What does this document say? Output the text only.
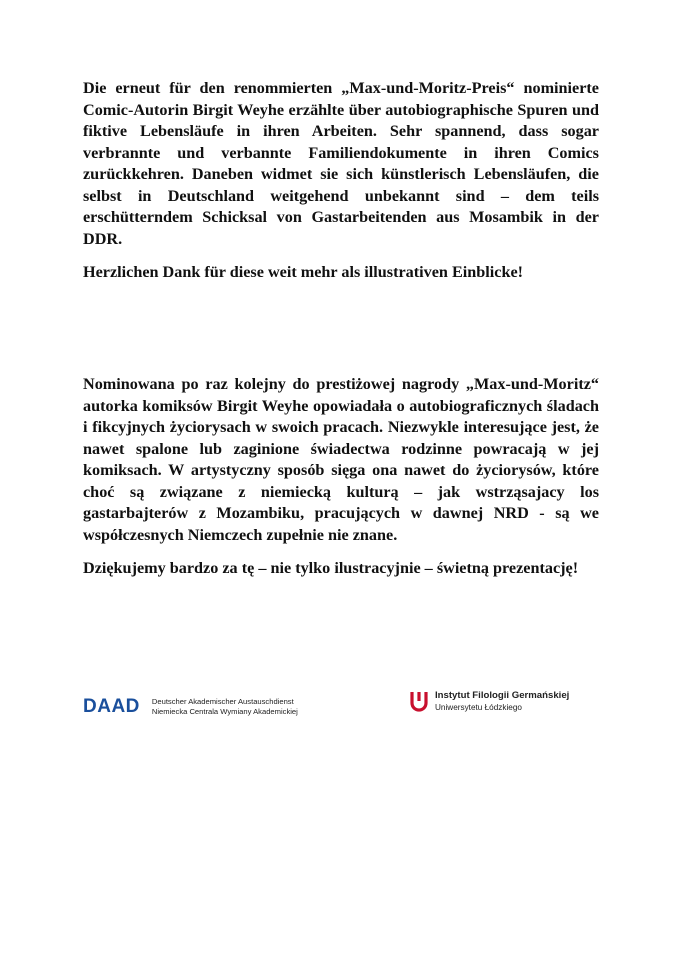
Die erneut für den renommierten „Max-und-Moritz-Preis“ nominierte Comic-Autorin Birgit Weyhe erzählte über autobiographische Spuren und fiktive Lebensläufe in ihren Arbeiten. Sehr spannend, dass sogar verbrannte und verbannte Familiendokumente in ihren Comics zurückkehren. Daneben widmet sie sich künstlerisch Lebensläufen, die selbst in Deutschland weitgehend unbekannt sind – dem teils erschütterndem Schicksal von Gastarbeitenden aus Mosambik in der DDR.

Herzlichen Dank für diese weit mehr als illustrativen Einblicke!

Nominowana po raz kolejny do prestiżowej nagrody „Max-und-Moritz“ autorka komiksów Birgit Weyhe opowiadała o autobiograficznych śladach i fikcyjnych życiorysach w swoich pracach. Niezwykle interesujące jest, że nawet spalone lub zaginione świadectwa rodzinne powracają w jej komiksach. W artystyczny sposób sięga ona nawet do życiorysów, które choć są związane z niemiecką kulturą – jak wstrząsajacy los gastarbajterów z Mozambiku, pracujących w dawnej NRD - są we współczesnych Niemczech zupełnie nie znane.

Dziękujemy bardzo za tę – nie tylko ilustracyjnie – świetną prezentację!

DAAD Deutscher Akademischer Austauschdienst
Niemiecka Centrala Wymiany Akademickiej
Instytut Filologii Germańskiej
Uniwersytetu Łódzkiego
